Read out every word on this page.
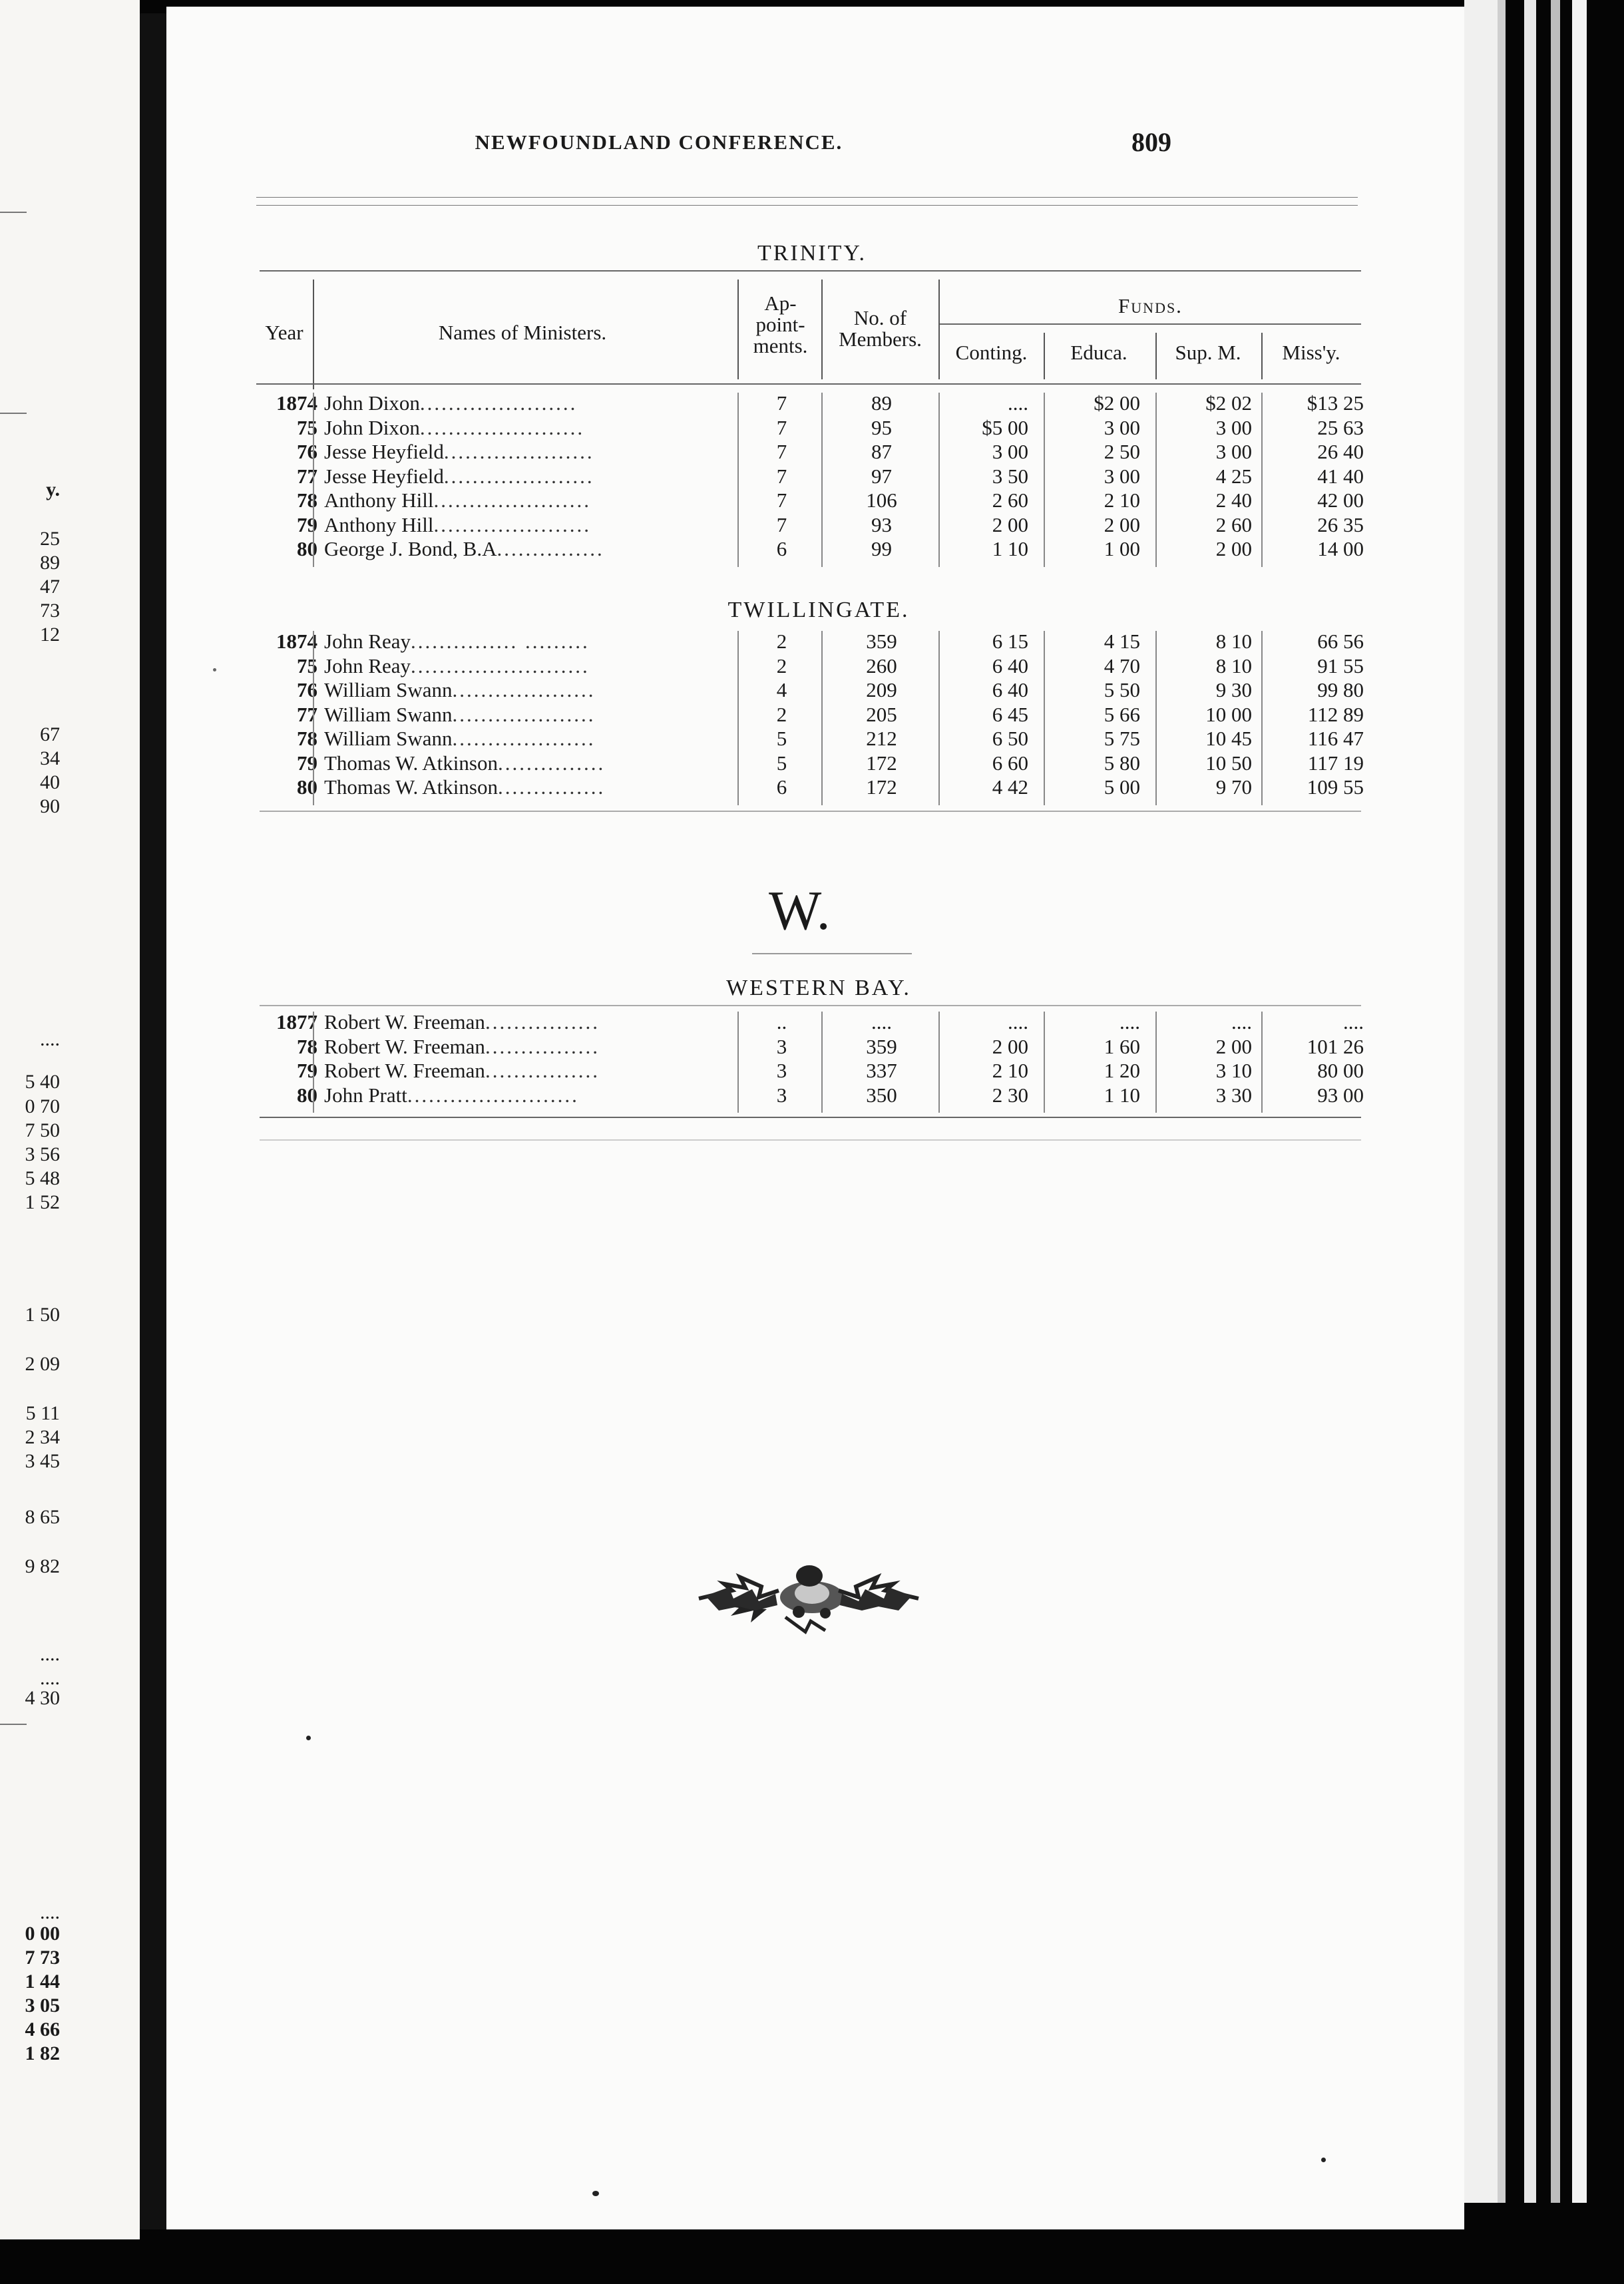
y.
25
89
47
73
12
67
34
40
90
....
5 40
0 70
7 50
3 56
5 48
1 52
1 50
2 09
5 11
2 34
3 45
8 65
9 82
....
....
4 30
....
0 00
7 73
1 44
3 05
4 66
1 82
NEWFOUNDLAND CONFERENCE.	809
TRINITY.
Year	Names of Ministers.
Ap-
point-
ments.
No. of
Members.
Funds.
Conting.	Educa.	Sup. M.	Miss'y.
1874	John Dixon......................	7	89	....	$2 00	$2 02	$13 25
75	John Dixon.......................	7	95	$5 00	3 00	3 00	25 63
76	Jesse Heyfield.....................	7	87	3 00	2 50	3 00	26 40
77	Jesse Heyfield.....................	7	97	3 50	3 00	4 25	41 40
78	Anthony Hill......................	7	106	2 60	2 10	2 40	42 00
79	Anthony Hill......................	7	93	2 00	2 00	2 60	26 35
80	George J. Bond, B.A...............	6	99	1 10	1 00	2 00	14 00
TWILLINGATE.
1874	John Reay............... .........	2	359	6 15	4 15	8 10	66 56
75	John Reay.........................	2	260	6 40	4 70	8 10	91 55
76	William Swann....................	4	209	6 40	5 50	9 30	99 80
77	William Swann....................	2	205	6 45	5 66	10 00	112 89
78	William Swann....................	5	212	6 50	5 75	10 45	116 47
79	Thomas W. Atkinson...............	5	172	6 60	5 80	10 50	117 19
80	Thomas W. Atkinson...............	6	172	4 42	5 00	9 70	109 55
W.
WESTERN BAY.
1877	Robert W. Freeman................	..	....	....	....	....	....
78	Robert W. Freeman................	3	359	2 00	1 60	2 00	101 26
79	Robert W. Freeman................	3	337	2 10	1 20	3 10	80 00
80	John Pratt........................	3	350	2 30	1 10	3 30	93 00
